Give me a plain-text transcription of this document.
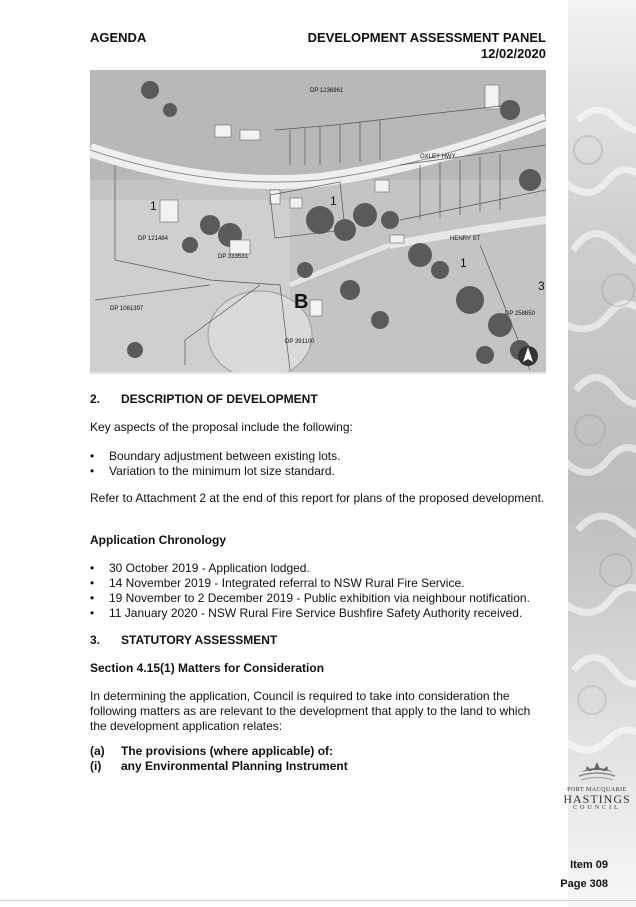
AGENDA	DEVELOPMENT ASSESSMENT PANEL
12/02/2020
DP 1236961
OXLEY HWY
HENRY ST
DP 121484
DP 333531
DP 1061397
DP 391100
DP 258850
B
1	1
1
3
2. DESCRIPTION OF DEVELOPMENT

Key aspects of the proposal include the following:

• Boundary adjustment between existing lots.
• Variation to the minimum lot size standard.

Refer to Attachment 2 at the end of this report for plans of the proposed development.

Application Chronology

• 30 October 2019 - Application lodged.
• 14 November 2019 - Integrated referral to NSW Rural Fire Service.
• 19 November to 2 December 2019 - Public exhibition via neighbour notification.
• 11 January 2020 - NSW Rural Fire Service Bushfire Safety Authority received.
3. STATUTORY ASSESSMENT

Section 4.15(1) Matters for Consideration

In determining the application, Council is required to take into consideration the following matters as are relevant to the development that apply to the land to which the development application relates:

(a) The provisions (where applicable) of:
(i) any Environmental Planning Instrument
PORT MACQUARIE
HASTINGS
COUNCIL
Item 09
Page 308
